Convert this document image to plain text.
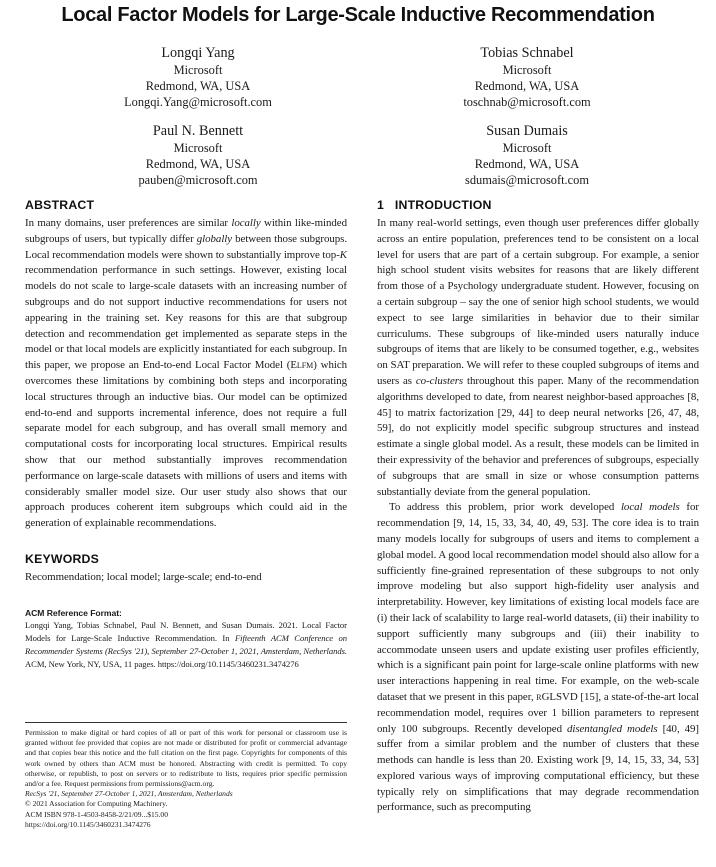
Local Factor Models for Large-Scale Inductive Recommendation
Longqi Yang
Microsoft
Redmond, WA, USA
Longqi.Yang@microsoft.com
Tobias Schnabel
Microsoft
Redmond, WA, USA
toschnab@microsoft.com
Paul N. Bennett
Microsoft
Redmond, WA, USA
pauben@microsoft.com
Susan Dumais
Microsoft
Redmond, WA, USA
sdumais@microsoft.com
ABSTRACT

In many domains, user preferences are similar locally within like-minded subgroups of users, but typically differ globally between those subgroups. Local recommendation models were shown to substantially improve top-K recommendation performance in such settings. However, existing local models do not scale to large-scale datasets with an increasing number of subgroups and do not support inductive recommendations for users not appearing in the training set. Key reasons for this are that subgroup detection and recommendation get implemented as separate steps in the model or that local models are explicitly instantiated for each subgroup. In this paper, we propose an End-to-end Local Factor Model (Elfm) which overcomes these limitations by combining both steps and incorporating local structures through an inductive bias. Our model can be optimized end-to-end and supports incremental inference, does not require a full separate model for each subgroup, and has overall small memory and computational costs for incorporating local structures. Empirical results show that our method substantially improves recommendation performance on large-scale datasets with millions of users and items with considerably smaller model size. Our user study also shows that our approach produces coherent item subgroups which could aid in the generation of explainable recommendations.

KEYWORDS

Recommendation; local model; large-scale; end-to-end

ACM Reference Format:

Longqi Yang, Tobias Schnabel, Paul N. Bennett, and Susan Dumais. 2021. Local Factor Models for Large-Scale Inductive Recommendation. In Fifteenth ACM Conference on Recommender Systems (RecSys '21), September 27-October 1, 2021, Amsterdam, Netherlands. ACM, New York, NY, USA, 11 pages. https://doi.org/10.1145/3460231.3474276

Permission to make digital or hard copies of all or part of this work for personal or classroom use is granted without fee provided that copies are not made or distributed for profit or commercial advantage and that copies bear this notice and the full citation on the first page. Copyrights for components of this work owned by others than ACM must be honored. Abstracting with credit is permitted. To copy otherwise, or republish, to post on servers or to redistribute to lists, requires prior specific permission and/or a fee. Request permissions from permissions@acm.org.
RecSys '21, September 27-October 1, 2021, Amsterdam, Netherlands
© 2021 Association for Computing Machinery.
ACM ISBN 978-1-4503-8458-2/21/09...$15.00
https://doi.org/10.1145/3460231.3474276
1   INTRODUCTION

In many real-world settings, even though user preferences differ globally across an entire population, preferences tend to be consistent on a local level for users that are part of a certain subgroup. For example, a senior high school student visits websites for reasons that are likely different from those of a Psychology undergraduate student. However, focusing on a certain subgroup – say the one of senior high school students, we would expect to see large similarities in behavior due to their similar curriculums. These subgroups of like-minded users naturally induce subgroups of items that are likely to be consumed together, e.g., websites on SAT preparation. We will refer to these coupled subgroups of items and users as co-clusters throughout this paper. Many of the recommendation algorithms developed to date, from nearest neighbor-based approaches [8, 45] to matrix factorization [29, 44] to deep neural networks [26, 47, 48, 59], do not explicitly model specific subgroup structures and instead estimate a single global model. As a result, these models can be limited in their expressivity of the behavior and preferences of subgroups, especially of subgroups that are small in size or whose consumption patterns substantially deviate from the general population.

To address this problem, prior work developed local models for recommendation [9, 14, 15, 33, 34, 40, 49, 53]. The core idea is to train many models locally for subgroups of users and items to complement a global model. A good local recommendation model should also allow for a sufficiently fine-grained representation of these subgroups to not only improve modeling but also support high-fidelity user analysis and interpretability. However, key limitations of existing local models face are (i) their lack of scalability to large real-world datasets, (ii) their inability to support sufficiently many subgroups and (iii) their inability to accommodate unseen users and update existing user profiles efficiently, which is a significant pain point for large-scale online platforms with new user interactions happening in real time. For example, on the web-scale dataset that we present in this paper, rGLSVD [15], a state-of-the-art local recommendation model, requires over 1 billion parameters to represent only 100 subgroups. Recently developed disentangled models [40, 49] suffer from a similar problem and the number of clusters that these methods can handle is less than 20. Existing work [9, 14, 15, 33, 34, 53] explored various ways of improving computational efficiency, but these typically rely on simplifications that may degrade recommendation performance, such as precomputing
